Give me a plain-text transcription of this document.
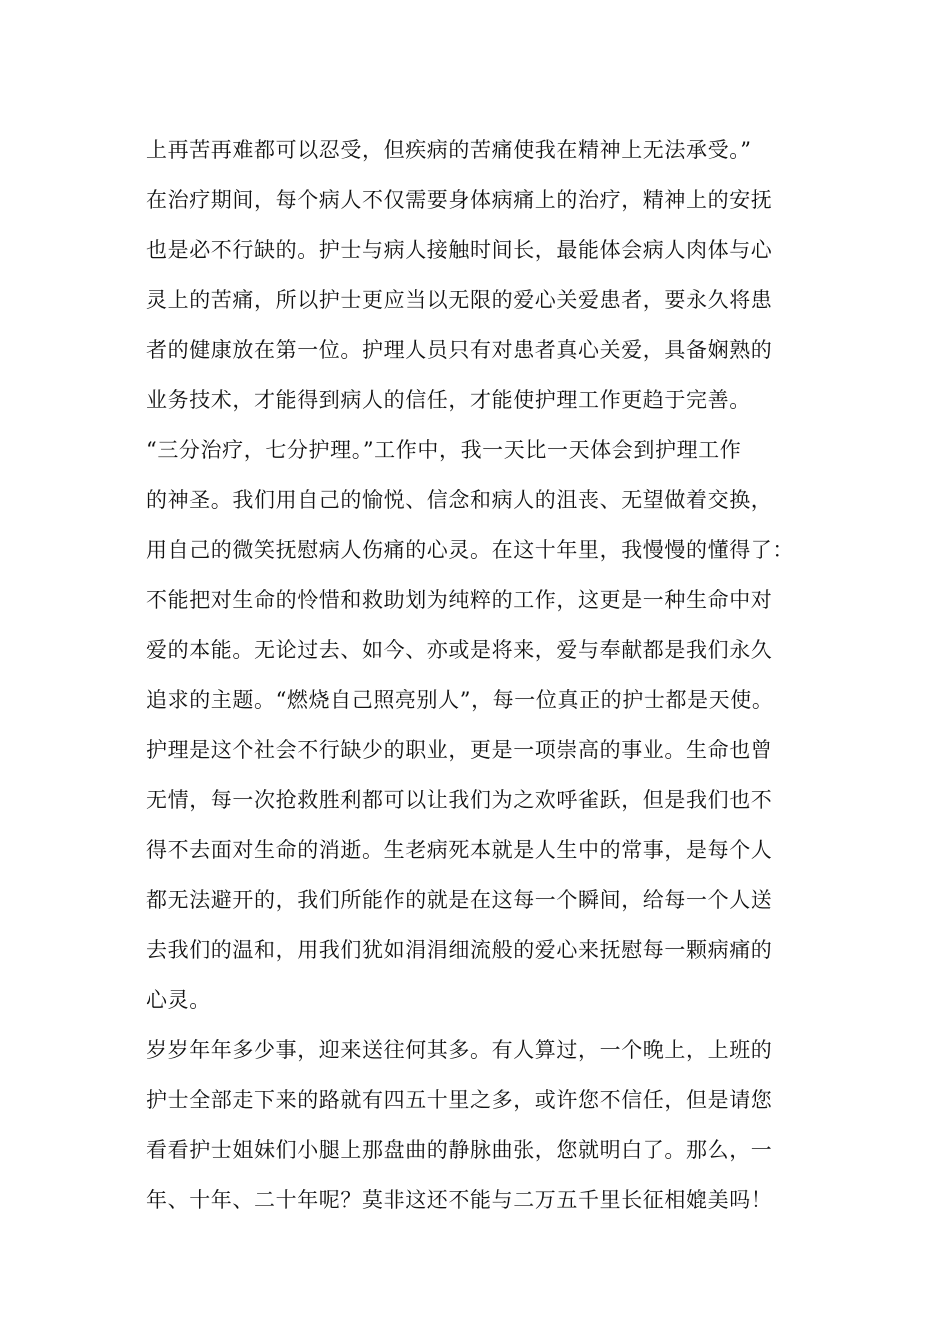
上再苦再难都可以忍受，但疾病的苦痛使我在精神上无法承受。”
在治疗期间，每个病人不仅需要身体病痛上的治疗，精神上的安抚
也是必不行缺的。护士与病人接触时间长，最能体会病人肉体与心
灵上的苦痛，所以护士更应当以无限的爱心关爱患者，要永久将患
者的健康放在第一位。护理人员只有对患者真心关爱，具备娴熟的
业务技术，才能得到病人的信任，才能使护理工作更趋于完善。
“三分治疗，七分护理。”工作中，我一天比一天体会到护理工作
的神圣。我们用自己的愉悦、信念和病人的沮丧、无望做着交换，
用自己的微笑抚慰病人伤痛的心灵。在这十年里，我慢慢的懂得了：
不能把对生命的怜惜和救助划为纯粹的工作，这更是一种生命中对
爱的本能。无论过去、如今、亦或是将来，爱与奉献都是我们永久
追求的主题。“燃烧自己照亮别人”，每一位真正的护士都是天使。
护理是这个社会不行缺少的职业，更是一项崇高的事业。生命也曾
无情，每一次抢救胜利都可以让我们为之欢呼雀跃，但是我们也不
得不去面对生命的消逝。生老病死本就是人生中的常事，是每个人
都无法避开的，我们所能作的就是在这每一个瞬间，给每一个人送
去我们的温和，用我们犹如涓涓细流般的爱心来抚慰每一颗病痛的
心灵。
岁岁年年多少事，迎来送往何其多。有人算过，一个晚上，上班的
护士全部走下来的路就有四五十里之多，或许您不信任，但是请您
看看护士姐妹们小腿上那盘曲的静脉曲张，您就明白了。那么，一
年、十年、二十年呢？莫非这还不能与二万五千里长征相媲美吗！
